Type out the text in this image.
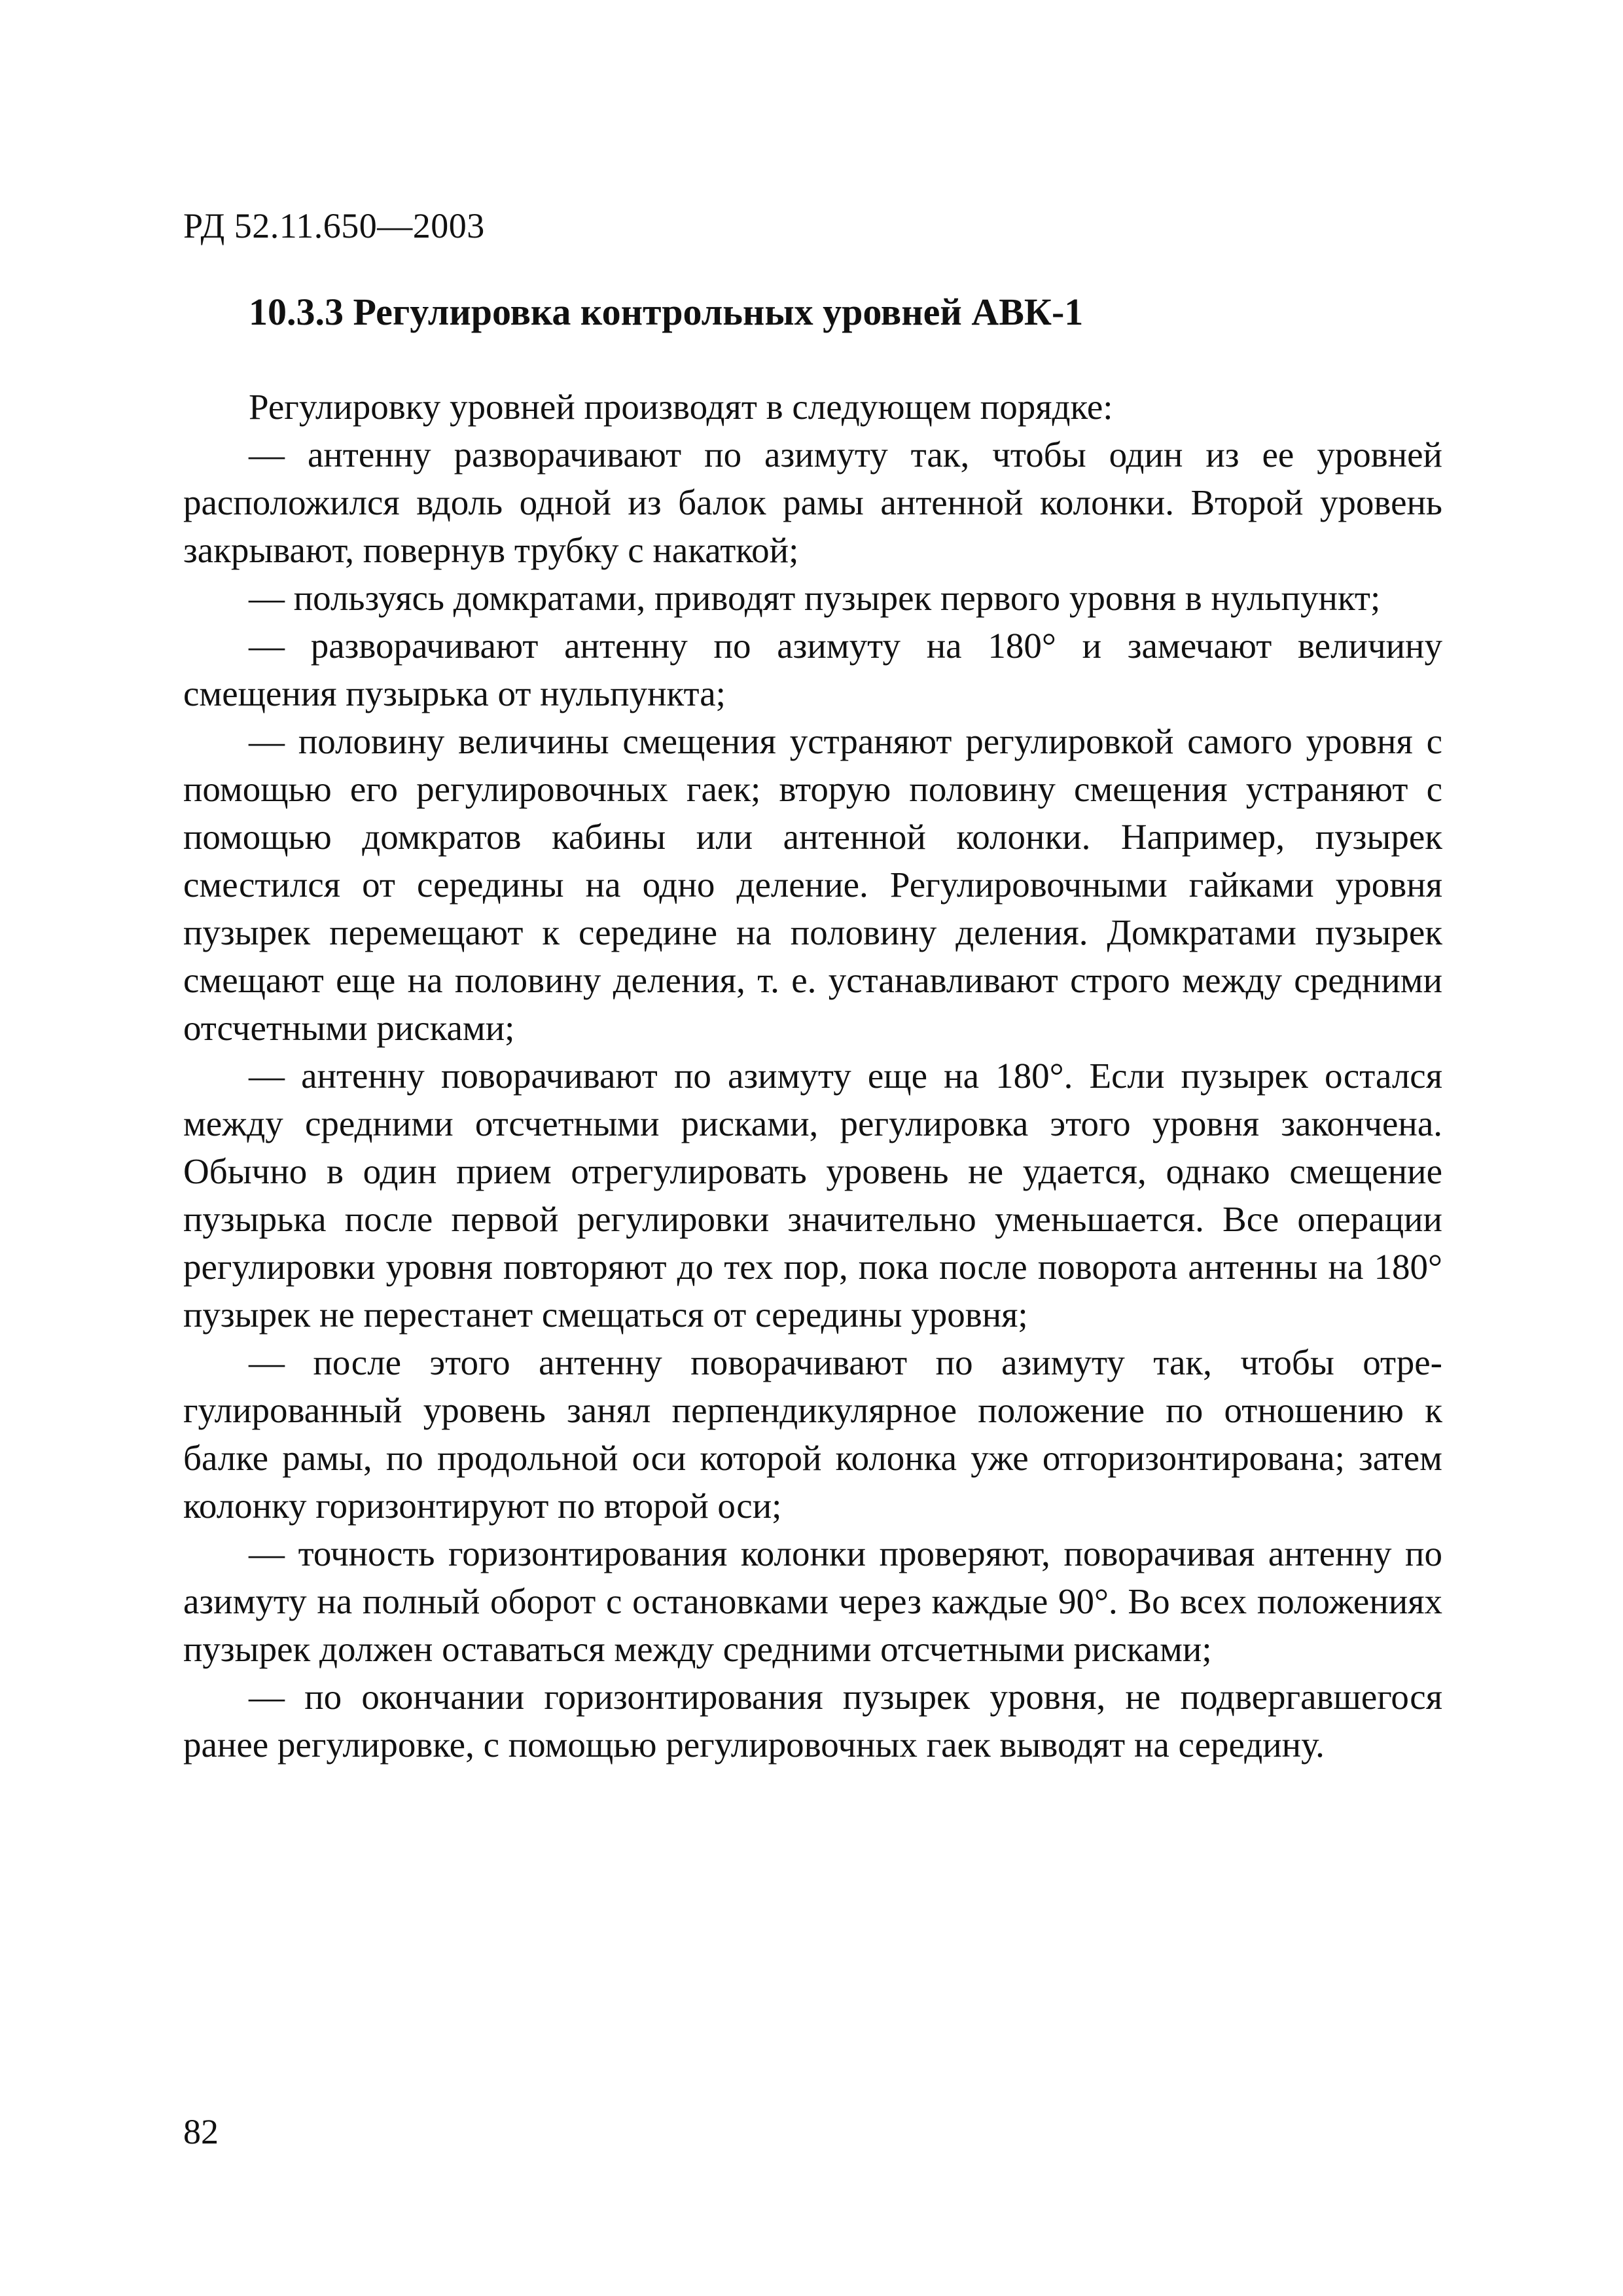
РД 52.11.650—2003
10.3.3 Регулировка контрольных уровней АВК-1

Регулировку уровней производят в следующем порядке:

— антенну разворачивают по азимуту так, чтобы один из ее уровней расположился вдоль одной из балок рамы антенной колонки. Второй уровень закрывают, повернув трубку с накаткой;

— пользуясь домкратами, приводят пузырек первого уровня в нульпункт;

— разворачивают антенну по азимуту на 180° и замечают величину смещения пузырька от нульпункта;

— половину величины смещения устраняют регулировкой самого уровня с помощью его регулировочных гаек; вторую половину смещения устраняют с помощью домкратов кабины или антенной колонки. Например, пузырек сместился от середины на одно деление. Регулировочными гайками уровня пузырек перемещают к середине на половину деления. Домкратами пузырек смещают еще на половину деления, т. е. устанавливают строго между средними отсчетными рисками;

— антенну поворачивают по азимуту еще на 180°. Если пузырек остался между средними отсчетными рисками, регулировка этого уровня закончена. Обычно в один прием отрегулировать уровень не удается, однако смещение пузырька после первой регулировки значительно уменьшается. Все операции регулировки уровня повторяют до тех пор, пока после поворота антенны на 180° пузырек не перестанет смещаться от середины уровня;

— после этого антенну поворачивают по азимуту так, чтобы отрегулированный уровень занял перпендикулярное положение по отношению к балке рамы, по продольной оси которой колонка уже отгоризонтирована; затем колонку горизонтируют по второй оси;

— точность горизонтирования колонки проверяют, поворачивая антенну по азимуту на полный оборот с остановками через каждые 90°. Во всех положениях пузырек должен оставаться между средними отсчетными рисками;

— по окончании горизонтирования пузырек уровня, не подвергавшегося ранее регулировке, с помощью регулировочных гаек выводят на середину.

82
